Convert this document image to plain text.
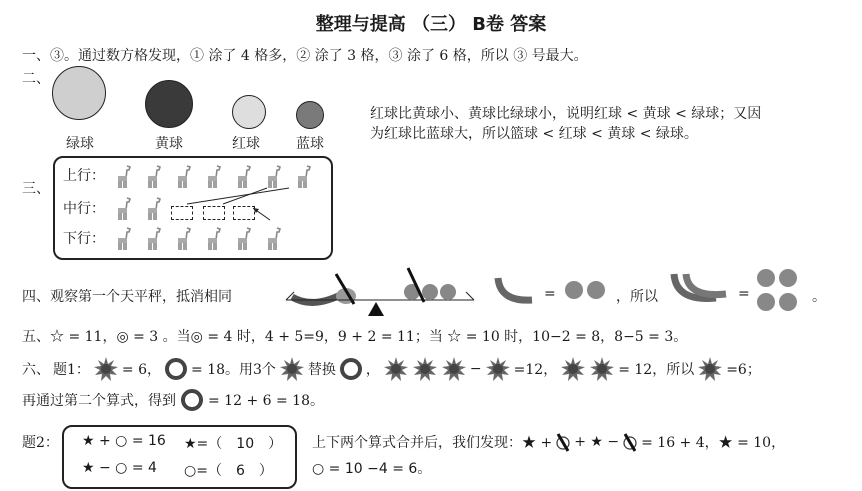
整理与提高 （三） B卷 答案
一、 ③。通过数方格发现，① 涂了 4 格多，② 涂了 3 格，③ 涂了 6 格，所以 ③ 号最大。
二、
绿球	黄球	红球	蓝球
红球比黄球小、黄球比绿球小，说明红球 < 黄球 < 绿球；又因
为红球比蓝球大，所以篮球 < 红球 < 黄球 < 绿球。
三、
上行：
中行：
下行：
四、 观察第一个天平秤，抵消相同	=	，所以	=	。
五、☆ = 11，◎ = 3 。当◎ = 4 时，4 + 5=9，9 + 2 = 11；当 ☆ = 10 时，10−2 = 8，8−5 = 3。
六、 题1： = 6， = 18。用3个 替换 ，	− =12，	= 12，所以 =6；
再通过第二个算式，得到 = 12 + 6 = 18。
题2： ★ + ○ = 16 ★=（　10　）
★ − ○ = 4 ○=（　6　）
上下两个算式合并后，我们发现：★ + + ★ − = 16 + 4，★ = 10，
○ = 10 −4 = 6。
